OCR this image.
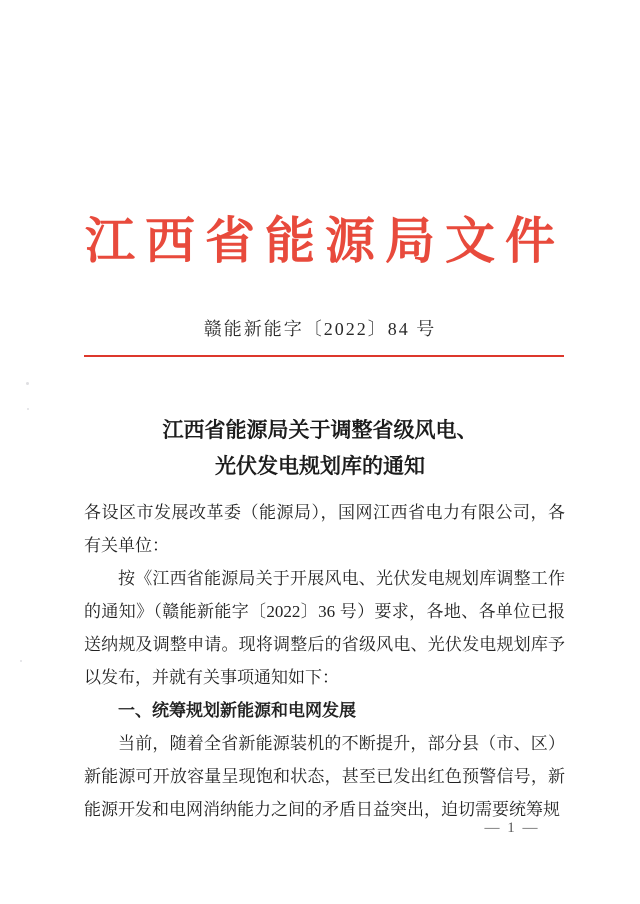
江西省能源局文件
赣能新能字〔2022〕84 号
江西省能源局关于调整省级风电、
光伏发电规划库的通知

各设区市发展改革委（能源局），国网江西省电力有限公司，各有关单位：

按《江西省能源局关于开展风电、光伏发电规划库调整工作的通知》（赣能新能字〔2022〕36 号）要求，各地、各单位已报送纳规及调整申请。现将调整后的省级风电、光伏发电规划库予以发布，并就有关事项通知如下：

一、统筹规划新能源和电网发展

当前，随着全省新能源装机的不断提升，部分县（市、区）新能源可开放容量呈现饱和状态，甚至已发出红色预警信号，新能源开发和电网消纳能力之间的矛盾日益突出，迫切需要统筹规

— 1 —
